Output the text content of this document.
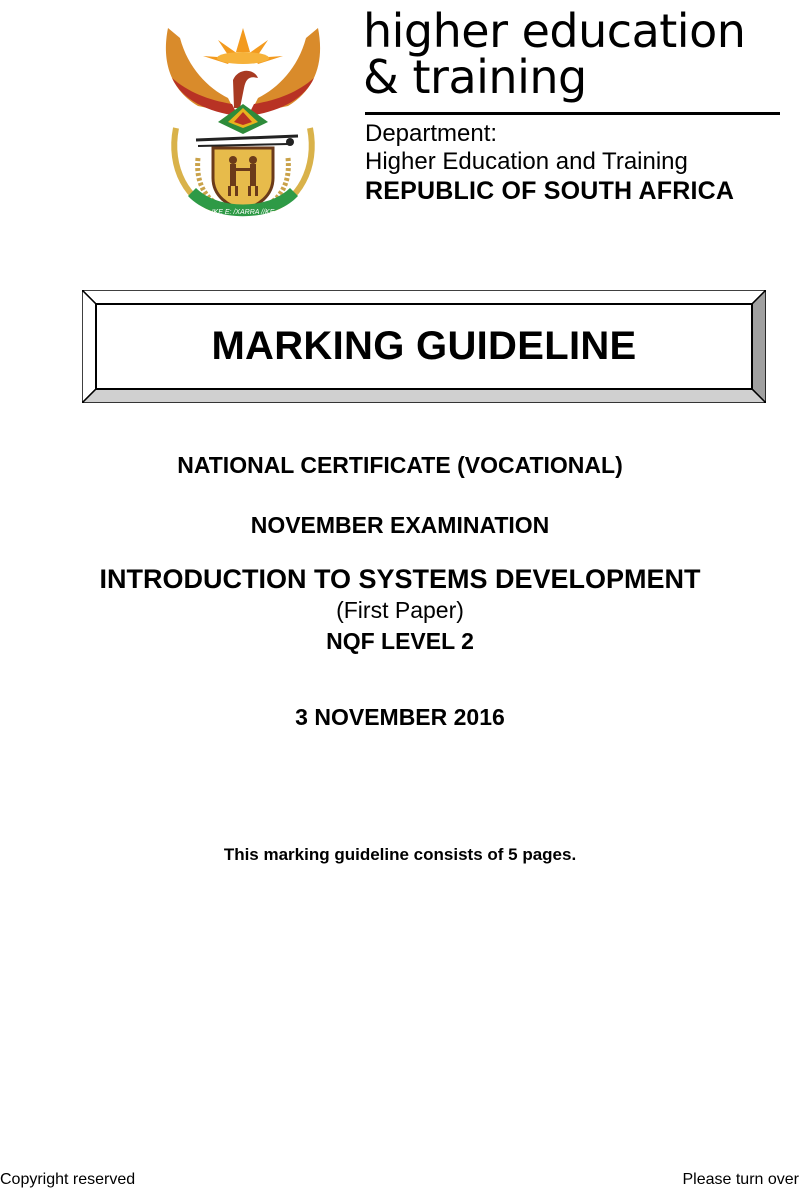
!KE E: /XARRA //KE
higher education
& training
Department:
Higher Education and Training
REPUBLIC OF SOUTH AFRICA
MARKING GUIDELINE
NATIONAL CERTIFICATE (VOCATIONAL)
NOVEMBER EXAMINATION
INTRODUCTION TO SYSTEMS DEVELOPMENT
(First Paper)
NQF LEVEL 2
3 NOVEMBER 2016
This marking guideline consists of 5 pages.
Copyright reserved	Please turn over
